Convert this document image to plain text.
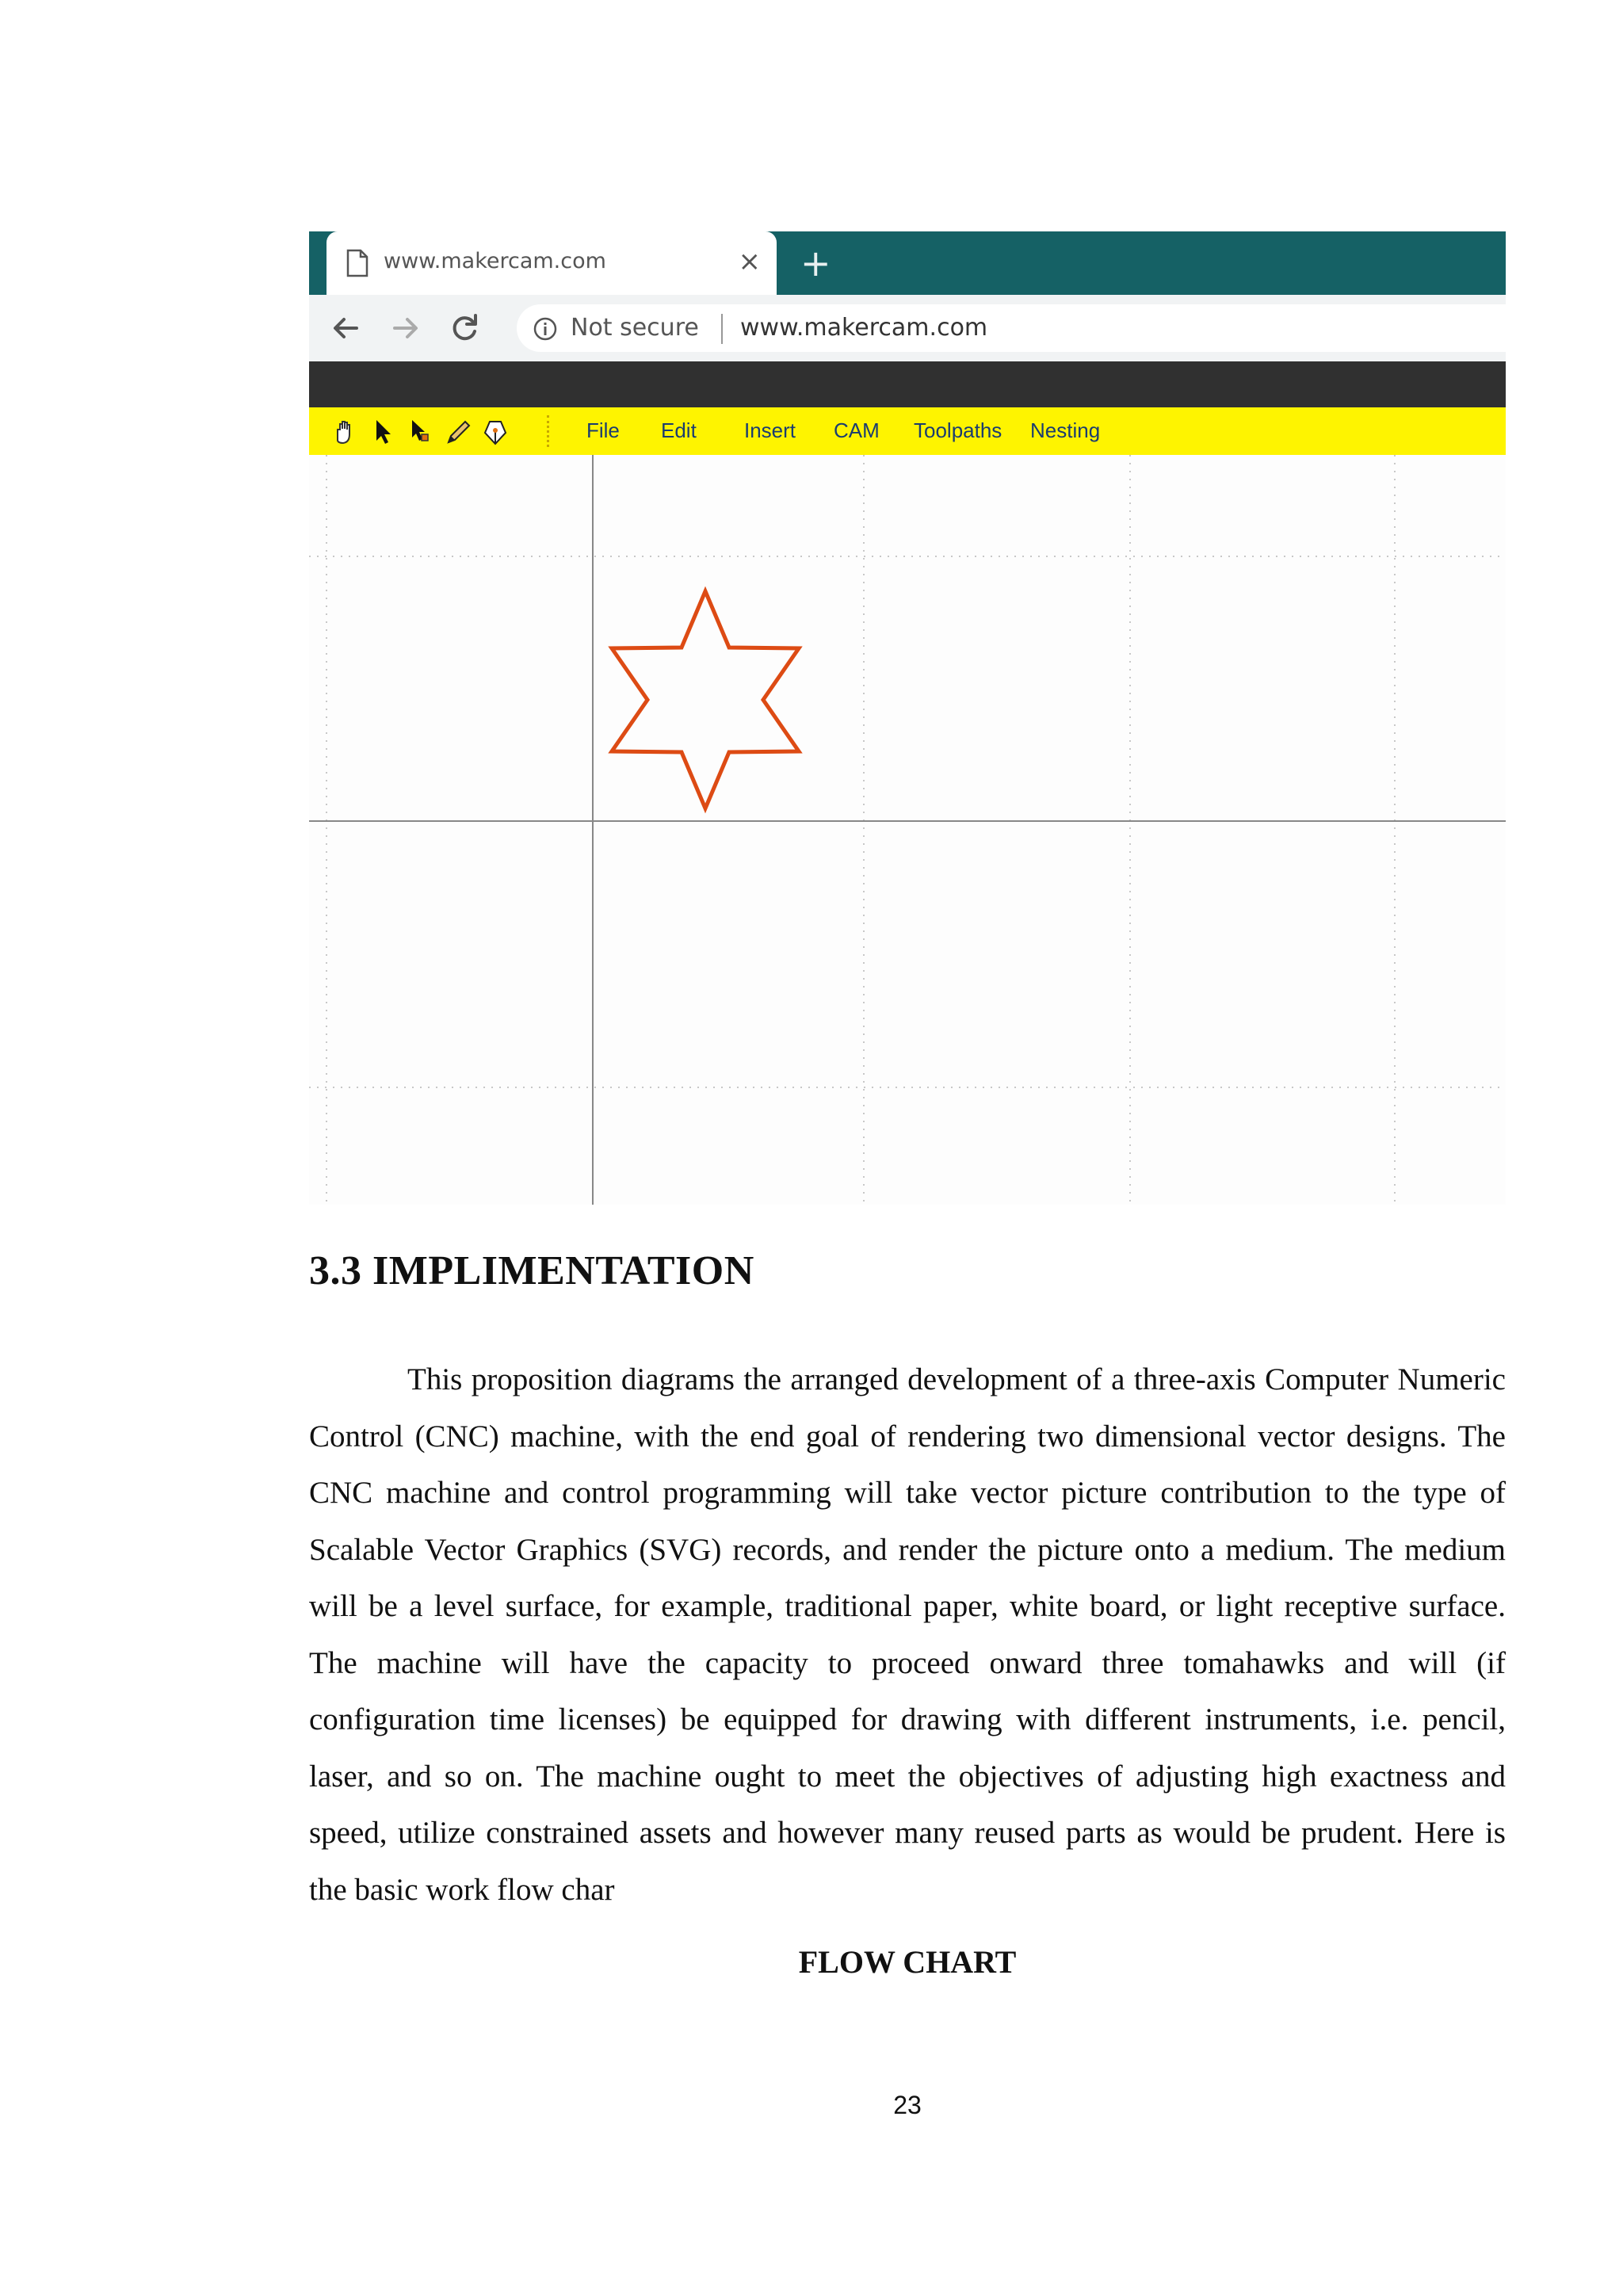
www.makercam.com	× +
Not secure www.makercam.com
File Edit Insert CAM Toolpaths Nesting
3.3 IMPLIMENTATION

This proposition diagrams the arranged development of a three-axis Computer Numeric Control (CNC) machine, with the end goal of rendering two dimensional vector designs. The CNC machine and control programming will take vector picture contribution to the type of Scalable Vector Graphics (SVG) records, and render the picture onto a medium. The medium will be a level surface, for example, traditional paper, white board, or light receptive surface. The machine will have the capacity to proceed onward three tomahawks and will (if configuration time licenses) be equipped for drawing with different instruments, i.e. pencil, laser, and so on. The machine ought to meet the objectives of adjusting high exactness and speed, utilize constrained assets and however many reused parts as would be prudent. Here is the basic work flow char

FLOW CHART
23
